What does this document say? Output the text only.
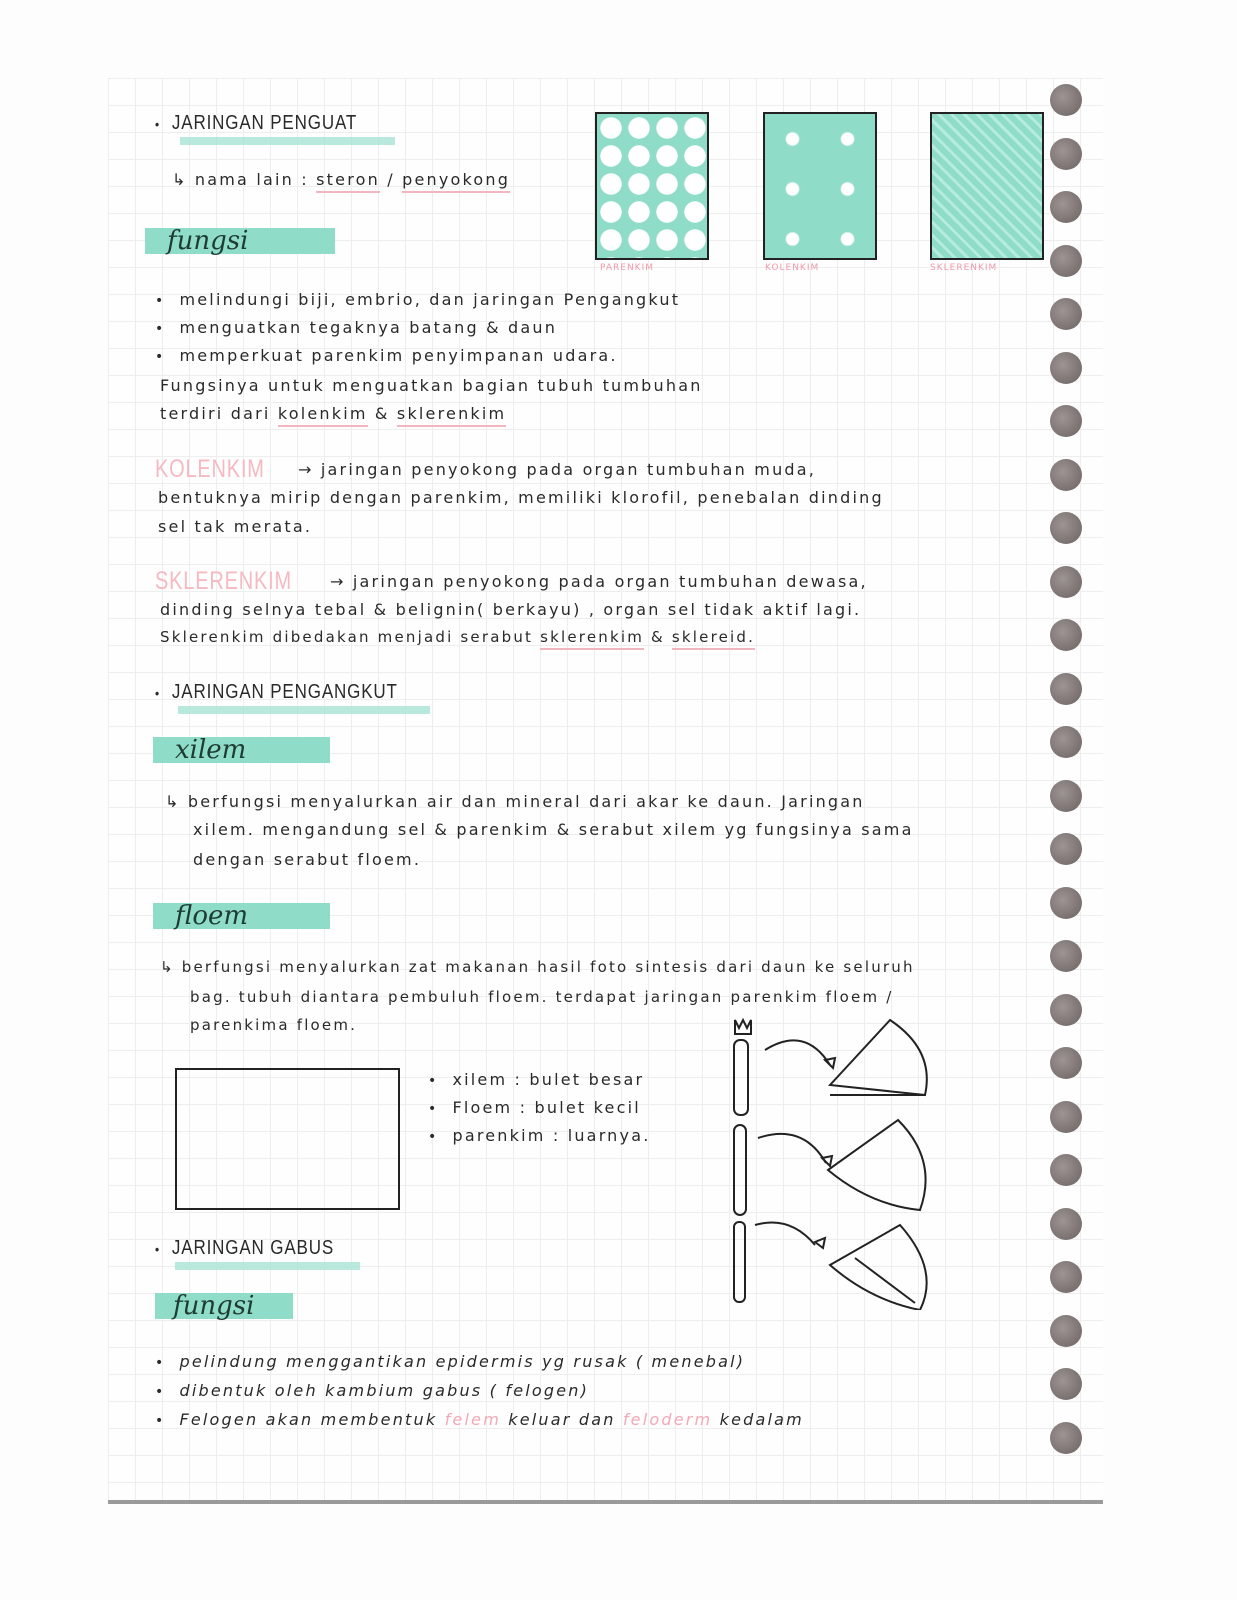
• JARINGAN PENGUAT
↳ nama lain : steron / penyokong
fungsi
PARENKIM	KOLENKIM	SKLERENKIM
• melindungi biji, embrio, dan jaringan Pengangkut
• menguatkan tegaknya batang & daun
• memperkuat parenkim penyimpanan udara.
Fungsinya untuk menguatkan bagian tubuh tumbuhan
terdiri dari kolenkim & sklerenkim
KOLENKIM → jaringan penyokong pada organ tumbuhan muda,
bentuknya mirip dengan parenkim, memiliki klorofil, penebalan dinding
sel tak merata.
SKLERENKIM → jaringan penyokong pada organ tumbuhan dewasa,
dinding selnya tebal & belignin( berkayu) , organ sel tidak aktif lagi.
Sklerenkim dibedakan menjadi serabut sklerenkim & sklereid.
• JARINGAN PENGANGKUT
xilem
↳ berfungsi menyalurkan air dan mineral dari akar ke daun. Jaringan
xilem. mengandung sel & parenkim & serabut xilem yg fungsinya sama
dengan serabut floem.
floem
↳ berfungsi menyalurkan zat makanan hasil foto sintesis dari daun ke seluruh
bag. tubuh diantara pembuluh floem. terdapat jaringan parenkim floem /
parenkima floem.
• xilem : bulet besar
• Floem : bulet kecil
• parenkim : luarnya.
• JARINGAN GABUS
fungsi
• pelindung menggantikan epidermis yg rusak ( menebal)
• dibentuk oleh kambium gabus ( felogen)
• Felogen akan membentuk felem keluar dan feloderm kedalam
